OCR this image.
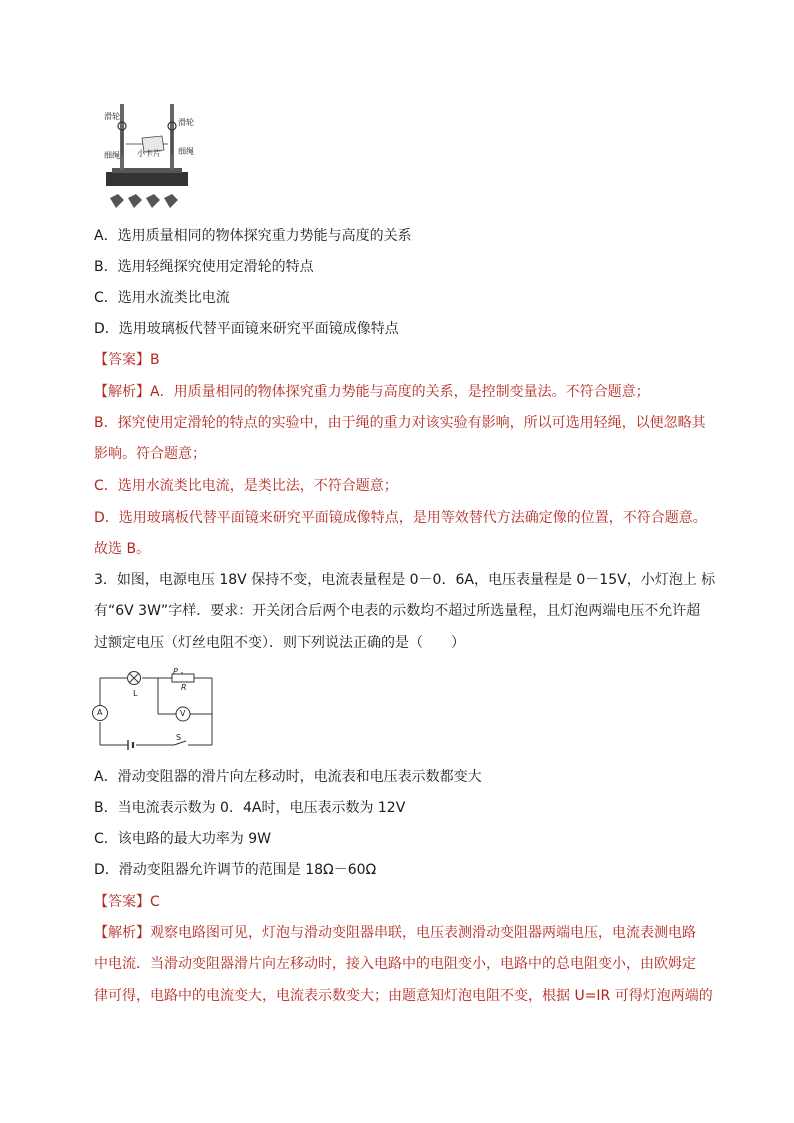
滑轮
滑轮
细绳	细绳
小卡片
A．选用质量相同的物体探究重力势能与高度的关系
B．选用轻绳探究使用定滑轮的特点
C．选用水流类比电流
D．选用玻璃板代替平面镜来研究平面镜成像特点
【答案】B
【解析】A．用质量相同的物体探究重力势能与高度的关系，是控制变量法。不符合题意；
B．探究使用定滑轮的特点的实验中，由于绳的重力对该实验有影响，所以可选用轻绳，以便忽略其
影响。符合题意；
C．选用水流类比电流，是类比法，不符合题意；
D．选用玻璃板代替平面镜来研究平面镜成像特点，是用等效替代方法确定像的位置，不符合题意。
故选 B。
3．如图，电源电压 18V 保持不变，电流表量程是 0－0．6A，电压表量程是 0－15V，小灯泡上 标
有“6V 3W”字样．要求：开关闭合后两个电表的示数均不超过所选量程，且灯泡两端电压不允许超
过额定电压（灯丝电阻不变）．则下列说法正确的是（　　）
L
A	V
P
R
S
A．滑动变阻器的滑片向左移动时，电流表和电压表示数都变大
B．当电流表示数为 0．4A时，电压表示数为 12V
C．该电路的最大功率为 9W
D．滑动变阻器允许调节的范围是 18Ω－60Ω
【答案】C
【解析】观察电路图可见，灯泡与滑动变阻器串联，电压表测滑动变阻器两端电压，电流表测电路
中电流．当滑动变阻器滑片向左移动时，接入电路中的电阻变小，电路中的总电阻变小，由欧姆定
律可得，电路中的电流变大，电流表示数变大；由题意知灯泡电阻不变，根据 U=IR 可得灯泡两端的
